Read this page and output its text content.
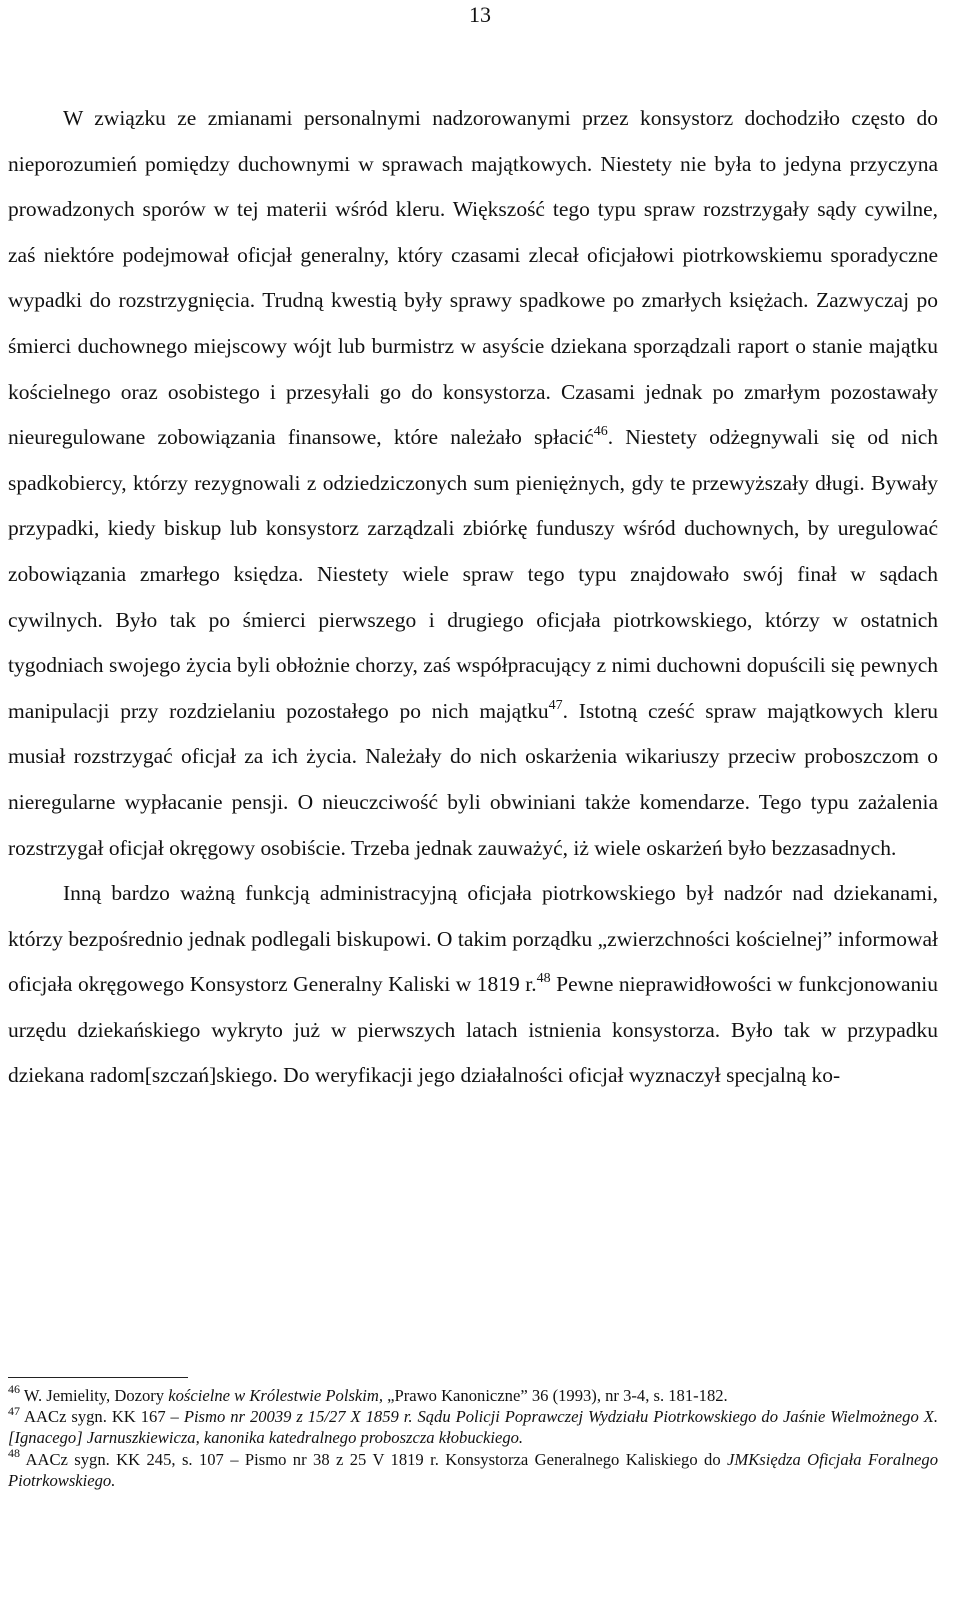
13

W związku ze zmianami personalnymi nadzorowanymi przez konsystorz dochodziło często do nieporozumień pomiędzy duchownymi w sprawach majątkowych. Niestety nie była to jedyna przyczyna prowadzonych sporów w tej materii wśród kleru. Większość tego typu spraw rozstrzygały sądy cywilne, zaś niektóre podejmował oficjał generalny, który czasami zlecał oficjałowi piotrkowskiemu sporadyczne wypadki do rozstrzygnięcia. Trudną kwestią były sprawy spadkowe po zmarłych księżach. Zazwyczaj po śmierci duchownego miejscowy wójt lub burmistrz w asyście dziekana sporządzali raport o stanie majątku kościelnego oraz osobistego i przesyłali go do konsystorza. Czasami jednak po zmarłym pozostawały nieuregulowane zobowiązania finansowe, które należało spłacić$^{46}$. Niestety odżegnywali się od nich spadkobiercy, którzy rezygnowali z odziedziczonych sum pieniężnych, gdy te przewyższały długi. Bywały przypadki, kiedy biskup lub konsystorz zarządzali zbiórkę funduszy wśród duchownych, by uregulować zobowiązania zmarłego księdza. Niestety wiele spraw tego typu znajdowało swój finał w sądach cywilnych. Było tak po śmierci pierwszego i drugiego oficjała piotrkowskiego, którzy w ostatnich tygodniach swojego życia byli obłożnie chorzy, zaś współpracujący z nimi duchowni dopuścili się pewnych manipulacji przy rozdzielaniu pozostałego po nich majątku$^{47}$. Istotną cześć spraw majątkowych kleru musiał rozstrzygać oficjał za ich życia. Należały do nich oskarżenia wikariuszy przeciw proboszczom o nieregularne wypłacanie pensji. O nieuczciwość byli obwiniani także komendarze. Tego typu zażalenia rozstrzygał oficjał okręgowy osobiście. Trzeba jednak zauważyć, iż wiele oskarżeń było bezzasadnych.

Inną bardzo ważną funkcją administracyjną oficjała piotrkowskiego był nadzór nad dziekanami, którzy bezpośrednio jednak podlegali biskupowi. O takim porządku „zwierzchności kościelnej” informował oficjała okręgowego Konsystorz Generalny Kaliski w 1819 r.$^{48}$ Pewne nieprawidłowości w funkcjonowaniu urzędu dziekańskiego wykryto już w pierwszych latach istnienia konsystorza. Było tak w przypadku dziekana radom[szczań]skiego. Do weryfikacji jego działalności oficjał wyznaczył specjalną ko-

$^{46}$ W. Jemielity, Dozory kościelne w Królestwie Polskim, „Prawo Kanoniczne” 36 (1993), nr 3-4, s. 181-182.

$^{47}$ AACz sygn. KK 167 – Pismo nr 20039 z 15/27 X 1859 r. Sądu Policji Poprawczej Wydziału Piotrkowskiego do Jaśnie Wielmożnego X. [Ignacego] Jarnuszkiewicza, kanonika katedralnego proboszcza kłobuckiego.

$^{48}$ AACz sygn. KK 245, s. 107 – Pismo nr 38 z 25 V 1819 r. Konsystorza Generalnego Kaliskiego do JMKsiędza Oficjała Foralnego Piotrkowskiego.
